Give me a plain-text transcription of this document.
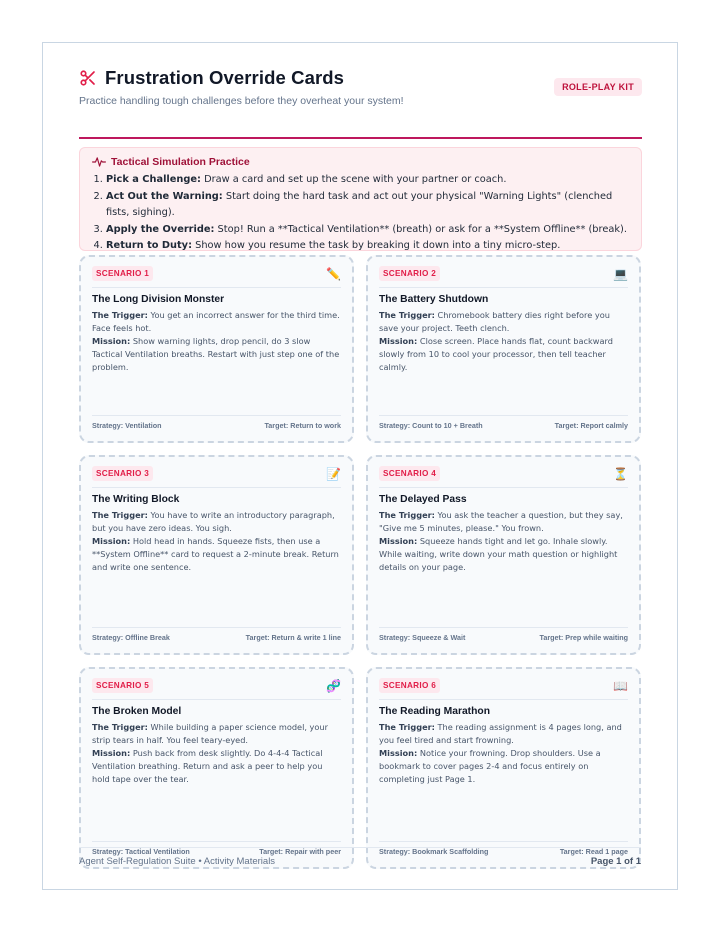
Frustration Override Cards
Practice handling tough challenges before they overheat your system!
ROLE-PLAY KIT
Tactical Simulation Practice
1. Pick a Challenge: Draw a card and set up the scene with your partner or coach.
2. Act Out the Warning: Start doing the hard task and act out your physical "Warning Lights" (clenched fists, sighing).
3. Apply the Override: Stop! Run a **Tactical Ventilation** (breath) or ask for a **System Offline** (break).
4. Return to Duty: Show how you resume the task by breaking it down into a tiny micro-step.
SCENARIO 1	✏️
The Long Division Monster
The Trigger: You get an incorrect answer for the third time. Face feels hot.
Mission: Show warning lights, drop pencil, do 3 slow Tactical Ventilation breaths. Restart with just step one of the problem.
Strategy: Ventilation	Target: Return to work
SCENARIO 2	💻
The Battery Shutdown
The Trigger: Chromebook battery dies right before you save your project. Teeth clench.
Mission: Close screen. Place hands flat, count backward slowly from 10 to cool your processor, then tell teacher calmly.
Strategy: Count to 10 + Breath	Target: Report calmly
SCENARIO 3	📝
The Writing Block
The Trigger: You have to write an introductory paragraph, but you have zero ideas. You sigh.
Mission: Hold head in hands. Squeeze fists, then use a **System Offline** card to request a 2-minute break. Return and write one sentence.
Strategy: Offline Break	Target: Return & write 1 line
SCENARIO 4	⏳
The Delayed Pass
The Trigger: You ask the teacher a question, but they say, "Give me 5 minutes, please." You frown.
Mission: Squeeze hands tight and let go. Inhale slowly. While waiting, write down your math question or highlight details on your page.
Strategy: Squeeze & Wait	Target: Prep while waiting
SCENARIO 5	🧬
The Broken Model
The Trigger: While building a paper science model, your strip tears in half. You feel teary-eyed.
Mission: Push back from desk slightly. Do 4-4-4 Tactical Ventilation breathing. Return and ask a peer to help you hold tape over the tear.
Strategy: Tactical Ventilation	Target: Repair with peer
SCENARIO 6	📖
The Reading Marathon
The Trigger: The reading assignment is 4 pages long, and you feel tired and start frowning.
Mission: Notice your frowning. Drop shoulders. Use a bookmark to cover pages 2-4 and focus entirely on completing just Page 1.
Strategy: Bookmark Scaffolding	Target: Read 1 page
Agent Self-Regulation Suite • Activity Materials	Page 1 of 1
